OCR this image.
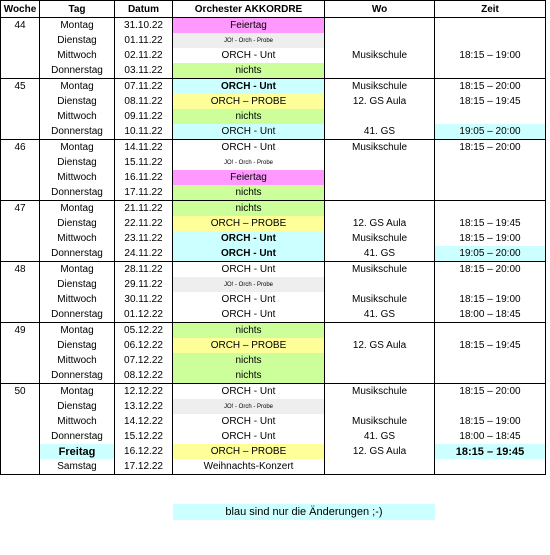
Woche	Tag	Datum	Orchester AKKORDRE	Wo	Zeit
44	Montag	31.10.22	Feiertag		
	Dienstag	01.11.22	JO! - Orch - Probe		
	Mittwoch	02.11.22	ORCH - Unt	Musikschule	18:15 – 19:00
	Donnerstag	03.11.22	nichts		
45	Montag	07.11.22	ORCH - Unt	Musikschule	18:15 – 20:00
	Dienstag	08.11.22	ORCH – PROBE	12. GS Aula	18:15 – 19:45
	Mittwoch	09.11.22	nichts		
	Donnerstag	10.11.22	ORCH - Unt	41. GS	19:05 – 20:00
46	Montag	14.11.22	ORCH - Unt	Musikschule	18:15 – 20:00
	Dienstag	15.11.22	JO! - Orch - Probe		
	Mittwoch	16.11.22	Feiertag		
	Donnerstag	17.11.22	nichts		
47	Montag	21.11.22	nichts		
	Dienstag	22.11.22	ORCH – PROBE	12. GS Aula	18:15 – 19:45
	Mittwoch	23.11.22	ORCH - Unt	Musikschule	18:15 – 19:00
	Donnerstag	24.11.22	ORCH - Unt	41. GS	19:05 – 20:00
48	Montag	28.11.22	ORCH - Unt	Musikschule	18:15 – 20:00
	Dienstag	29.11.22	JO! - Orch - Probe		
	Mittwoch	30.11.22	ORCH - Unt	Musikschule	18:15 – 19:00
	Donnerstag	01.12.22	ORCH - Unt	41. GS	18:00 – 18:45
49	Montag	05.12.22	nichts		
	Dienstag	06.12.22	ORCH – PROBE	12. GS Aula	18:15 – 19:45
	Mittwoch	07.12.22	nichts		
	Donnerstag	08.12.22	nichts		
50	Montag	12.12.22	ORCH - Unt	Musikschule	18:15 – 20:00
	Dienstag	13.12.22	JO! - Orch - Probe		
	Mittwoch	14.12.22	ORCH - Unt	Musikschule	18:15 – 19:00
	Donnerstag	15.12.22	ORCH - Unt	41. GS	18:00 – 18:45
	Freitag	16.12.22	ORCH – PROBE	12. GS Aula	18:15 – 19:45
	Samstag	17.12.22	Weihnachts-Konzert		
blau sind nur die Änderungen ;-)
